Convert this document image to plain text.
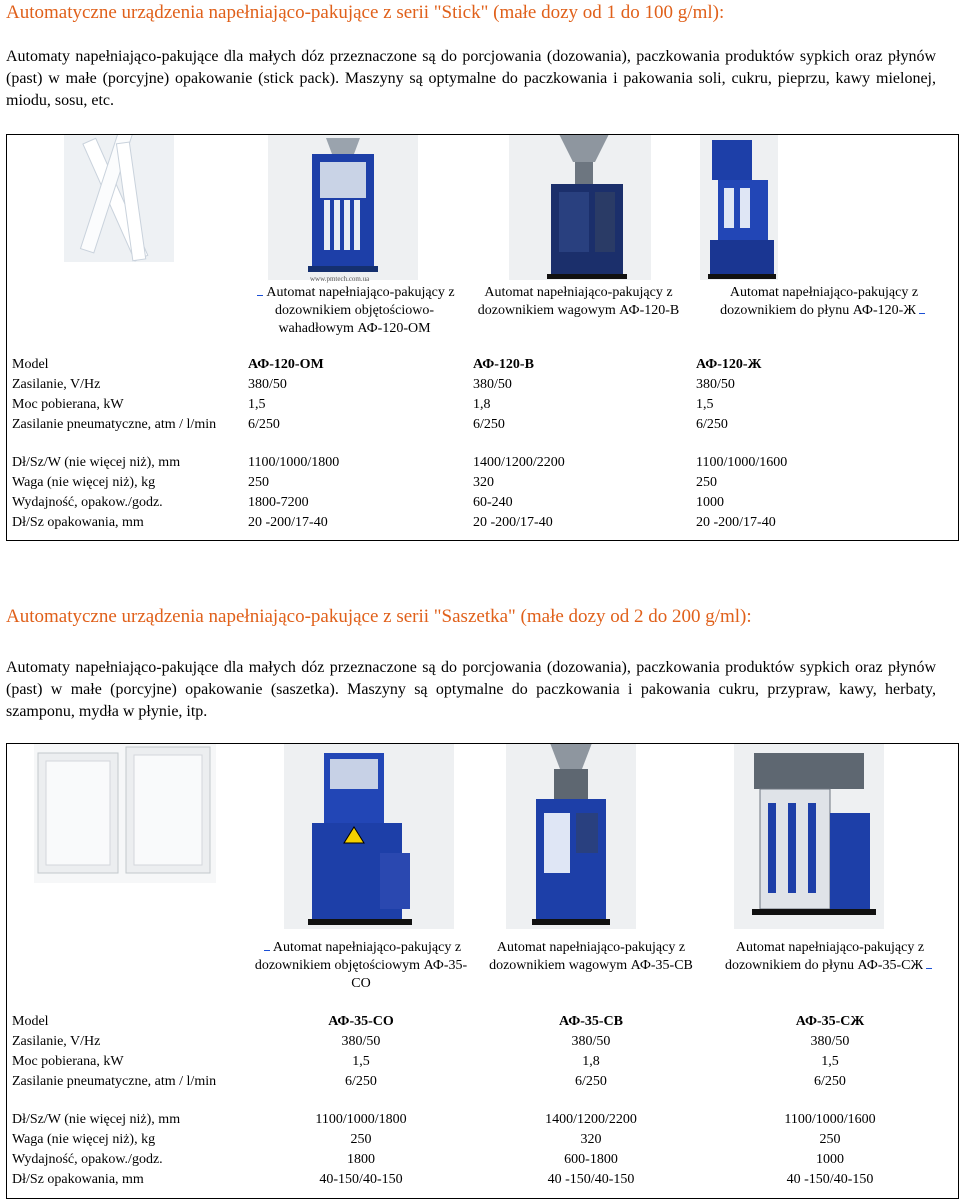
Automatyczne urządzenia napełniająco-pakujące z serii "Stick" (małe dozy od 1 do 100 g/ml):

Automaty napełniająco-pakujące dla małych dóz przeznaczone są do porcjowania (dozowania), paczkowania produktów sypkich oraz płynów (past) w małe (porcyjne) opakowanie (stick pack). Maszyny są optymalne do paczkowania i pakowania soli, cukru, pieprzu, kawy mielonej, miodu, sosu, etc.

www.pmtech.com.ua

	Automat napełniająco-pakujący z dozownikiem objętościowo-wahadłowym АФ-120-ОМ	Automat napełniająco-pakujący z dozownikiem wagowym АФ-120-В	Automat napełniająco-pakujący z dozownikiem do płynu АФ-120-Ж
Model	АФ-120-ОМ	АФ-120-В	АФ-120-Ж
Zasilanie, V/Hz	380/50	380/50	380/50
Moc pobierana, kW	1,5	1,8	1,5
Zasilanie pneumatyczne, atm / l/min	6/250	6/250	6/250
Dł/Sz/W (nie więcej niż), mm	1100/1000/1800	1400/1200/2200	1100/1000/1600
Waga (nie więcej niż), kg	250	320	250
Wydajność, opakow./godz.	1800-7200	60-240	1000
Dł/Sz opakowania, mm	20 -200/17-40	20 -200/17-40	20 -200/17-40
Automatyczne urządzenia napełniająco-pakujące z serii "Saszetka" (małe dozy od 2 do 200 g/ml):

Automaty napełniająco-pakujące dla małych dóz przeznaczone są do porcjowania (dozowania), paczkowania produktów sypkich oraz płynów (past) w małe (porcyjne) opakowanie (saszetka). Maszyny są optymalne do paczkowania i pakowania cukru, przypraw, kawy, herbaty, szamponu, mydła w płynie, itp.

	Automat napełniająco-pakujący z dozownikiem objętościowym АФ-35-СО	Automat napełniająco-pakujący z dozownikiem wagowym АФ-35-СВ	Automat napełniająco-pakujący z dozownikiem do płynu АФ-35-СЖ
Model	АФ-35-СО	АФ-35-СВ	АФ-35-СЖ
Zasilanie, V/Hz	380/50	380/50	380/50
Moc pobierana, kW	1,5	1,8	1,5
Zasilanie pneumatyczne, atm / l/min	6/250	6/250	6/250
Dł/Sz/W (nie więcej niż), mm	1100/1000/1800	1400/1200/2200	1100/1000/1600
Waga (nie więcej niż), kg	250	320	250
Wydajność, opakow./godz.	1800	600-1800	1000
Dł/Sz opakowania, mm	40-150/40-150	40 -150/40-150	40 -150/40-150
